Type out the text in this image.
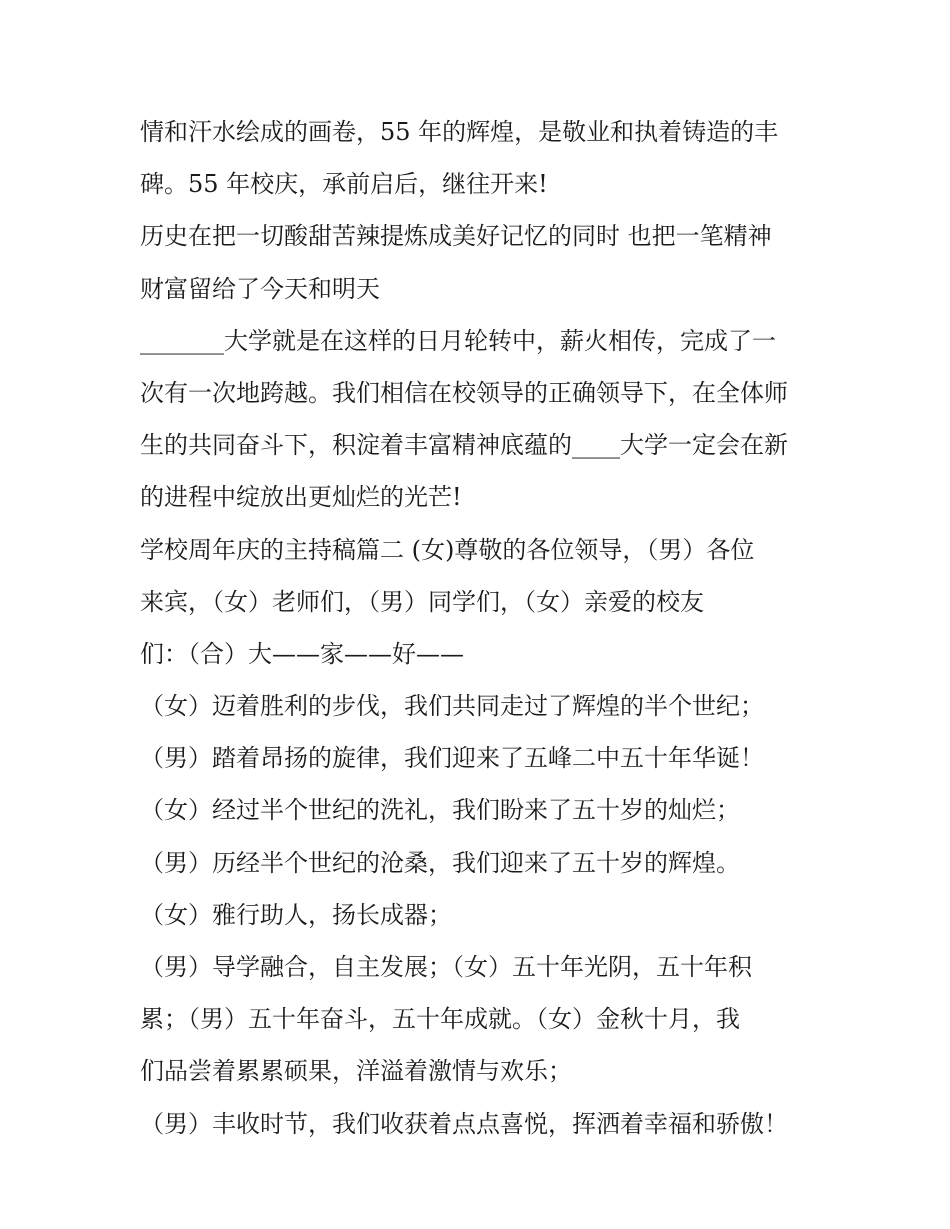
情和汗水绘成的画卷，55 年的辉煌，是敬业和执着铸造的丰
碑。55 年校庆，承前启后，继往开来!
历史在把一切酸甜苦辣提炼成美好记忆的同时 也把一笔精神
财富留给了今天和明天
_______大学就是在这样的日月轮转中，薪火相传，完成了一
次有一次地跨越。我们相信在校领导的正确领导下，在全体师
生的共同奋斗下，积淀着丰富精神底蕴的____大学一定会在新
的进程中绽放出更灿烂的光芒!
学校周年庆的主持稿篇二 (女)尊敬的各位领导，（男）各位
来宾，（女）老师们，（男）同学们，（女）亲爱的校友
们：（合）大——家——好——
（女）迈着胜利的步伐，我们共同走过了辉煌的半个世纪；
（男）踏着昂扬的旋律，我们迎来了五峰二中五十年华诞！
（女）经过半个世纪的洗礼，我们盼来了五十岁的灿烂；
（男）历经半个世纪的沧桑，我们迎来了五十岁的辉煌。
（女）雅行助人，扬长成器；
（男）导学融合，自主发展；（女）五十年光阴，五十年积
累；（男）五十年奋斗，五十年成就。（女）金秋十月，我
们品尝着累累硕果，洋溢着激情与欢乐；
（男）丰收时节，我们收获着点点喜悦，挥洒着幸福和骄傲！
